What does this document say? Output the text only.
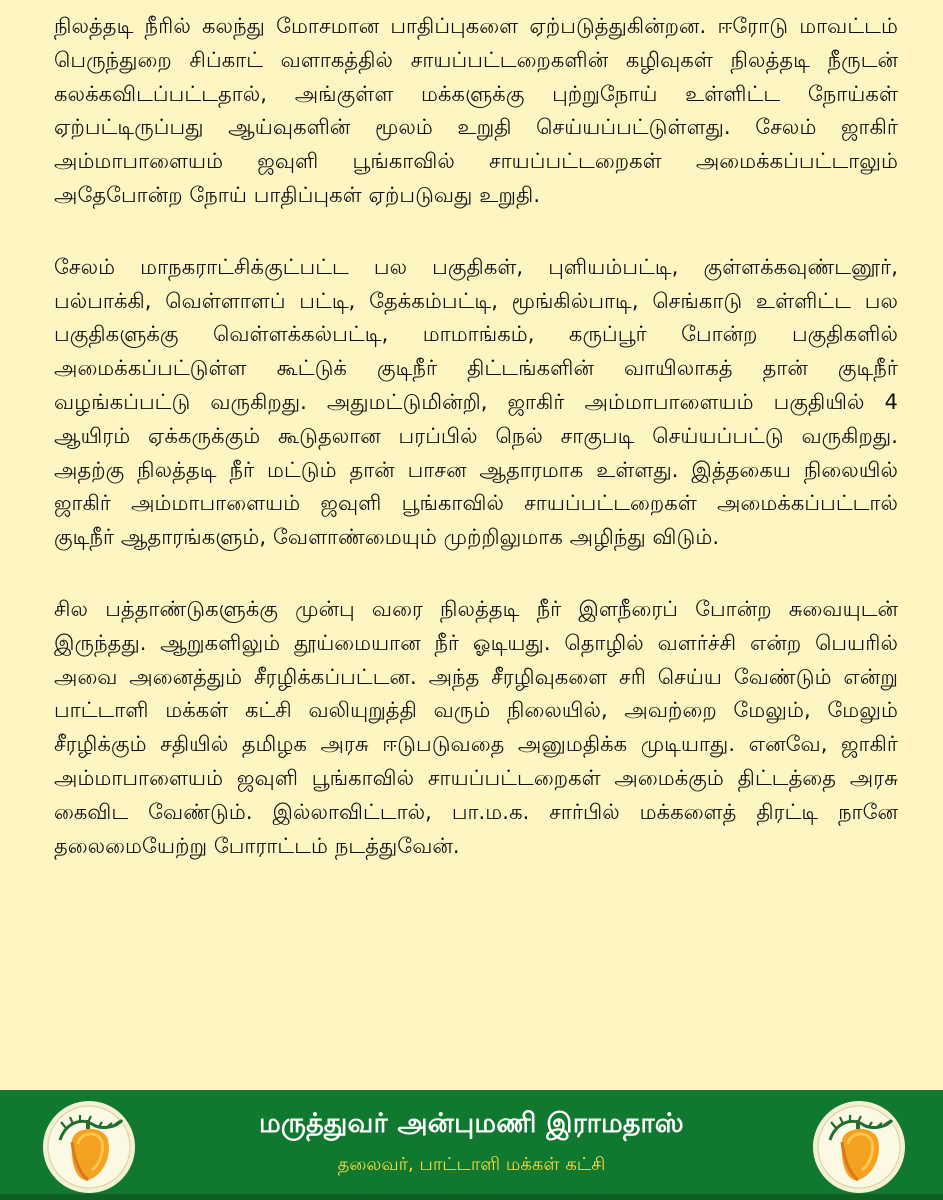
நிலத்தடி நீரில் கலந்து மோசமான பாதிப்புகளை ஏற்படுத்துகின்றன. ஈரோடு மாவட்டம் பெருந்துறை சிப்காட் வளாகத்தில் சாயப்பட்டறைகளின் கழிவுகள் நிலத்தடி நீருடன் கலக்கவிடப்பட்டதால், அங்குள்ள மக்களுக்கு புற்றுநோய் உள்ளிட்ட நோய்கள் ஏற்பட்டிருப்பது ஆய்வுகளின் மூலம் உறுதி செய்யப்பட்டுள்ளது. சேலம் ஜாகிர் அம்மாபாளையம் ஜவுளி பூங்காவில் சாயப்பட்டறைகள் அமைக்கப்பட்டாலும் அதேபோன்ற நோய் பாதிப்புகள் ஏற்படுவது உறுதி.

சேலம் மாநகராட்சிக்குட்பட்ட பல பகுதிகள், புளியம்பட்டி, குள்ளக்கவுண்டனூர், பல்பாக்கி, வெள்ளாளப் பட்டி, தேக்கம்பட்டி, மூங்கில்பாடி, செங்காடு உள்ளிட்ட பல பகுதிகளுக்கு வெள்ளக்கல்பட்டி, மாமாங்கம், கருப்பூர் போன்ற பகுதிகளில் அமைக்கப்பட்டுள்ள கூட்டுக் குடிநீர் திட்டங்களின் வாயிலாகத் தான் குடிநீர் வழங்கப்பட்டு வருகிறது. அதுமட்டுமின்றி, ஜாகிர் அம்மாபாளையம் பகுதியில் 4 ஆயிரம் ஏக்கருக்கும் கூடுதலான பரப்பில் நெல் சாகுபடி செய்யப்பட்டு வருகிறது. அதற்கு நிலத்தடி நீர் மட்டும் தான் பாசன ஆதாரமாக உள்ளது. இத்தகைய நிலையில் ஜாகிர் அம்மாபாளையம் ஜவுளி பூங்காவில் சாயப்பட்டறைகள் அமைக்கப்பட்டால் குடிநீர் ஆதாரங்களும், வேளாண்மையும் முற்றிலுமாக அழிந்து விடும்.

சில பத்தாண்டுகளுக்கு முன்பு வரை நிலத்தடி நீர் இளநீரைப் போன்ற சுவையுடன் இருந்தது. ஆறுகளிலும் தூய்மையான நீர் ஓடியது. தொழில் வளர்ச்சி என்ற பெயரில் அவை அனைத்தும் சீரழிக்கப்பட்டன. அந்த சீரழிவுகளை சரி செய்ய வேண்டும் என்று பாட்டாளி மக்கள் கட்சி வலியுறுத்தி வரும் நிலையில், அவற்றை மேலும், மேலும் சீரழிக்கும் சதியில் தமிழக அரசு ஈடுபடுவதை அனுமதிக்க முடியாது. எனவே, ஜாகிர் அம்மாபாளையம் ஜவுளி பூங்காவில் சாயப்பட்டறைகள் அமைக்கும் திட்டத்தை அரசு கைவிட வேண்டும். இல்லாவிட்டால், பா.ம.க. சார்பில் மக்களைத் திரட்டி நானே தலைமையேற்று போராட்டம் நடத்துவேன்.

மருத்துவர் அன்புமணி இராமதாஸ்
தலைவர், பாட்டாளி மக்கள் கட்சி
